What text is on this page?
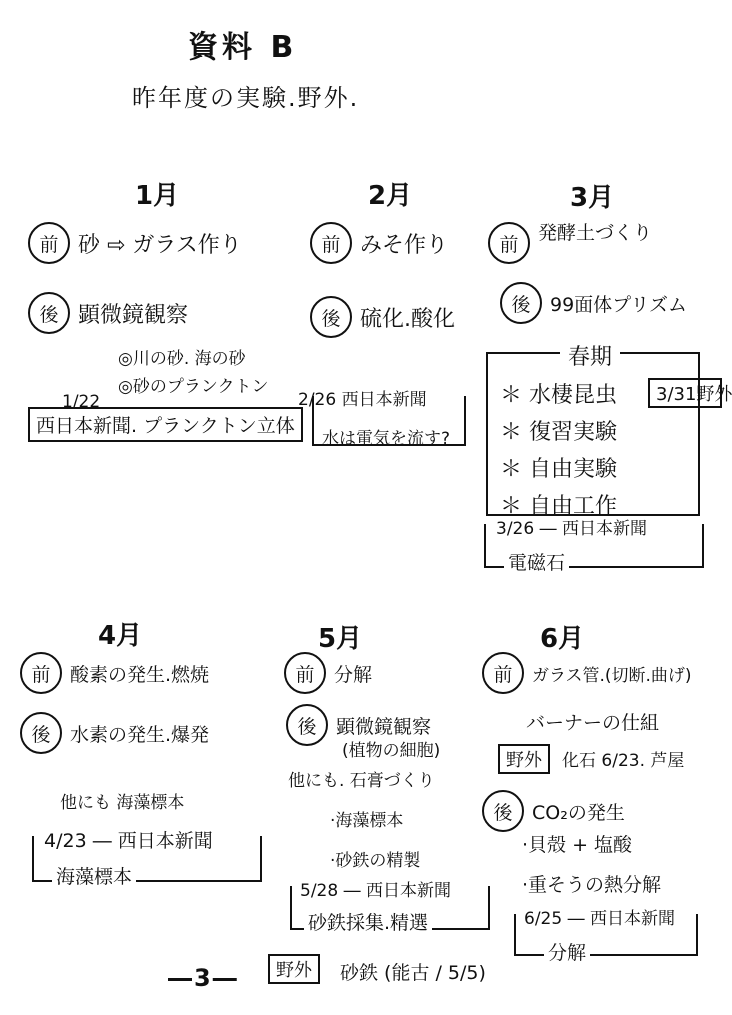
資料 B
昨年度の実験.野外.
1月
前 砂 ⇨ ガラス作り
後 顕微鏡観察
◎川の砂. 海の砂
◎砂のプランクトン
1/22
西日本新聞. プランクトン立体
2月
前 みそ作り
後 硫化.酸化
2/26 西日本新聞
水は電気を流す?
3月
前
発酵土づくり
後	99面体プリズム
春期
＊ 水棲昆虫
＊ 復習実験
＊ 自由実験
＊ 自由工作
3/31野外
3/26 ― 西日本新聞
電磁石
4月
前	酸素の発生.燃焼
後	水素の発生.爆発
他にも 海藻標本
4/23 ― 西日本新聞
海藻標本
5月
前	分解
後	顕微鏡観察
(植物の細胞)
他にも. 石膏づくり
·海藻標本
·砂鉄の精製
5/28 ― 西日本新聞
砂鉄採集.精選
野外	砂鉄 (能古 / 5/5)
6月
前	ガラス管.(切断.曲げ)
バーナーの仕組
野外	化石 6/23. 芦屋
後	CO₂の発生
·貝殻 + 塩酸
·重そうの熱分解
6/25 ― 西日本新聞
分解
―3―
